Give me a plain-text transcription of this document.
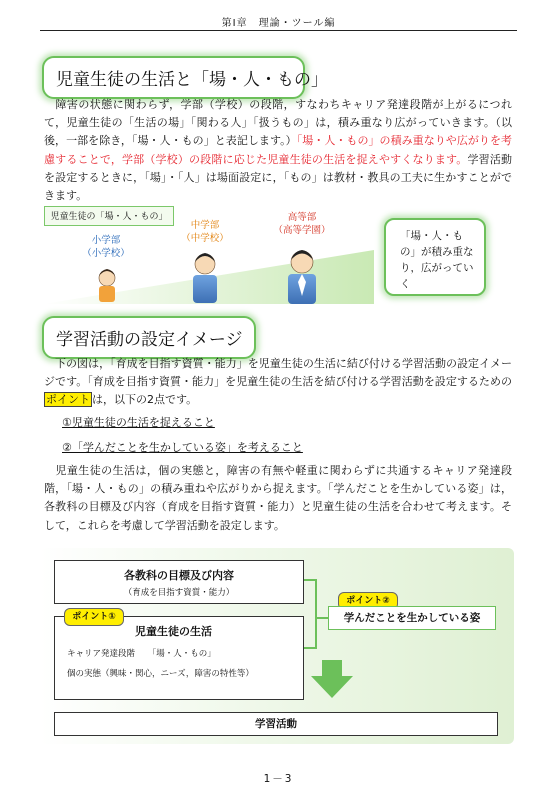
第Ⅰ章　理論・ツール編
児童生徒の生活と「場・人・もの」
　障害の状態に関わらず，学部（学校）の段階，すなわちキャリア発達段階が上がるにつれて，児童生徒の「生活の場」「関わる人」「扱うもの」は，積み重なり広がっていきます。（以後，一部を除き，「場・人・もの」と表記します。）「場・人・もの」の積み重なりや広がりを考慮することで，学部（学校）の段階に応じた児童生徒の生活を捉えやすくなります。学習活動を設定するときに，「場」・「人」は場面設定に，「もの」は教材・教具の工夫に生かすことができます。
児童生徒の「場・人・もの」
小学部
（小学校）
中学部
（中学校）
高等部
（高等学園）	「場・人・もの」が積み重なり，広がっていく
学習活動の設定イメージ
　下の図は，「育成を目指す資質・能力」を児童生徒の生活に結び付ける学習活動の設定イメージです。「育成を目指す資質・能力」を児童生徒の生活を結び付ける学習活動を設定するためのポイント は，以下の2点です。
①児童生徒の生活を捉えること
②「学んだことを生かしている姿」を考えること
　児童生徒の生活は，個の実態と，障害の有無や軽重に関わらずに共通するキャリア発達段階，「場・人・もの」の積み重ねや広がりから捉えます。「学んだことを生かしている姿」は，各教科の目標及び内容（育成を目指す資質・能力）と児童生徒の生活を合わせて考えます。そして，これらを考慮して学習活動を設定します。
各教科の目標及び内容
（育成を目指す資質・能力）
児童生徒の生活
キャリア発達段階　　「場・人・もの」
個の実態（興味・関心，ニーズ，障害の特性等）
ポイント①
ポイント②
学んだことを生かしている姿
学習活動
1－3
